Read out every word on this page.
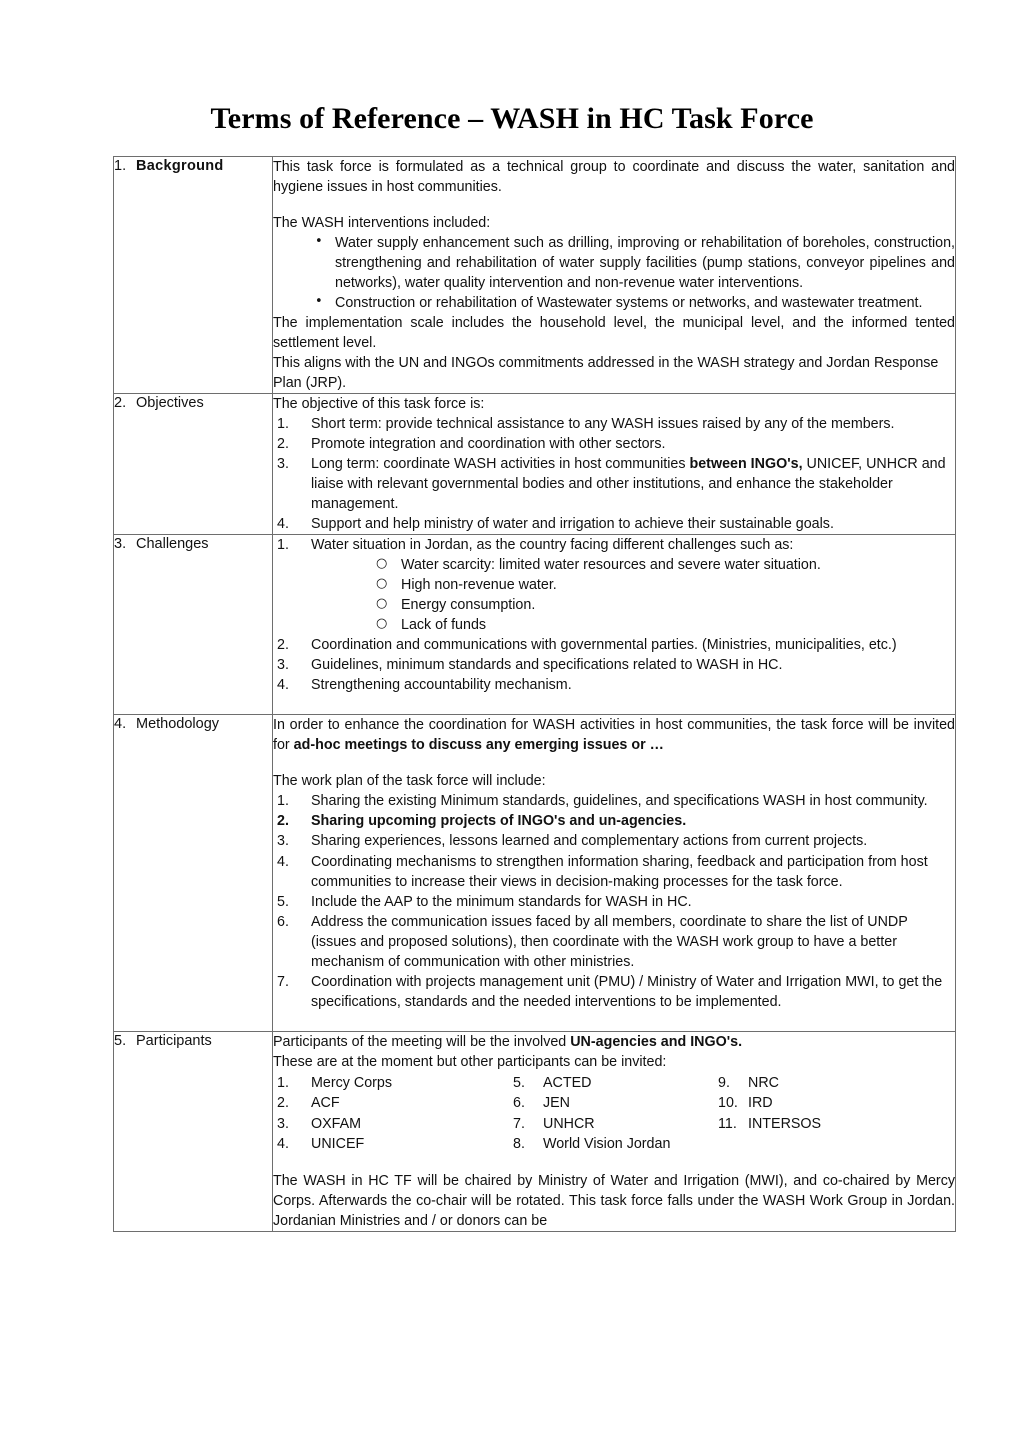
Terms of Reference – WASH in HC Task Force
1. Background	This task force is formulated as a technical group to coordinate and discuss the water, sanitation and hygiene issues in host communities.

The WASH interventions included:

• Water supply enhancement such as drilling, improving or rehabilitation of boreholes, construction, strengthening and rehabilitation of water supply facilities (pump stations, conveyor pipelines and networks), water quality intervention and non-revenue water interventions.
• Construction or rehabilitation of Wastewater systems or networks, and wastewater treatment.

The implementation scale includes the household level, the municipal level, and the informed tented settlement level.

This aligns with the UN and INGOs commitments addressed in the WASH strategy and Jordan Response Plan (JRP).

2. Objectives	The objective of this task force is:

1.	Short term: provide technical assistance to any WASH issues raised by any of the members.
2.	Promote integration and coordination with other sectors.
3.	Long term: coordinate WASH activities in host communities between INGO's, UNICEF, UNHCR and liaise with relevant governmental bodies and other institutions, and enhance the stakeholder management.
4.	Support and help ministry of water and irrigation to achieve their sustainable goals.

3. Challenges	1.	Water situation in Jordan, as the country facing different challenges such as:
○ Water scarcity: limited water resources and severe water situation.
○ High non-revenue water.
○ Energy consumption.
○ Lack of funds
2.	Coordination and communications with governmental parties. (Ministries, municipalities, etc.)
3.	Guidelines, minimum standards and specifications related to WASH in HC.
4.	Strengthening accountability mechanism.

4. Methodology	In order to enhance the coordination for WASH activities in host communities, the task force will be invited for ad-hoc meetings to discuss any emerging issues or …

The work plan of the task force will include:

1.	Sharing the existing Minimum standards, guidelines, and specifications WASH in host community.
2.	Sharing upcoming projects of INGO's and un-agencies.
3.	Sharing experiences, lessons learned and complementary actions from current projects.
4.	Coordinating mechanisms to strengthen information sharing, feedback and participation from host communities to increase their views in decision-making processes for the task force.
5.	Include the AAP to the minimum standards for WASH in HC.
6.	Address the communication issues faced by all members, coordinate to share the list of UNDP (issues and proposed solutions), then coordinate with the WASH work group to have a better mechanism of communication with other ministries.
7.	Coordination with projects management unit (PMU) / Ministry of Water and Irrigation MWI, to get the specifications, standards and the needed interventions to be implemented.

5. Participants	Participants of the meeting will be the involved UN-agencies and INGO's.

These are at the moment but other participants can be invited:

1. Mercy Corps	5. ACTED	9. NRC
2. ACF	6. JEN	10. IRD
3. OXFAM	7. UNHCR	11. INTERSOS
4. UNICEF	8. World Vision Jordan

The WASH in HC TF will be chaired by Ministry of Water and Irrigation (MWI), and co-chaired by Mercy Corps. Afterwards the co-chair will be rotated. This task force falls under the WASH Work Group in Jordan. Jordanian Ministries and / or donors can be
